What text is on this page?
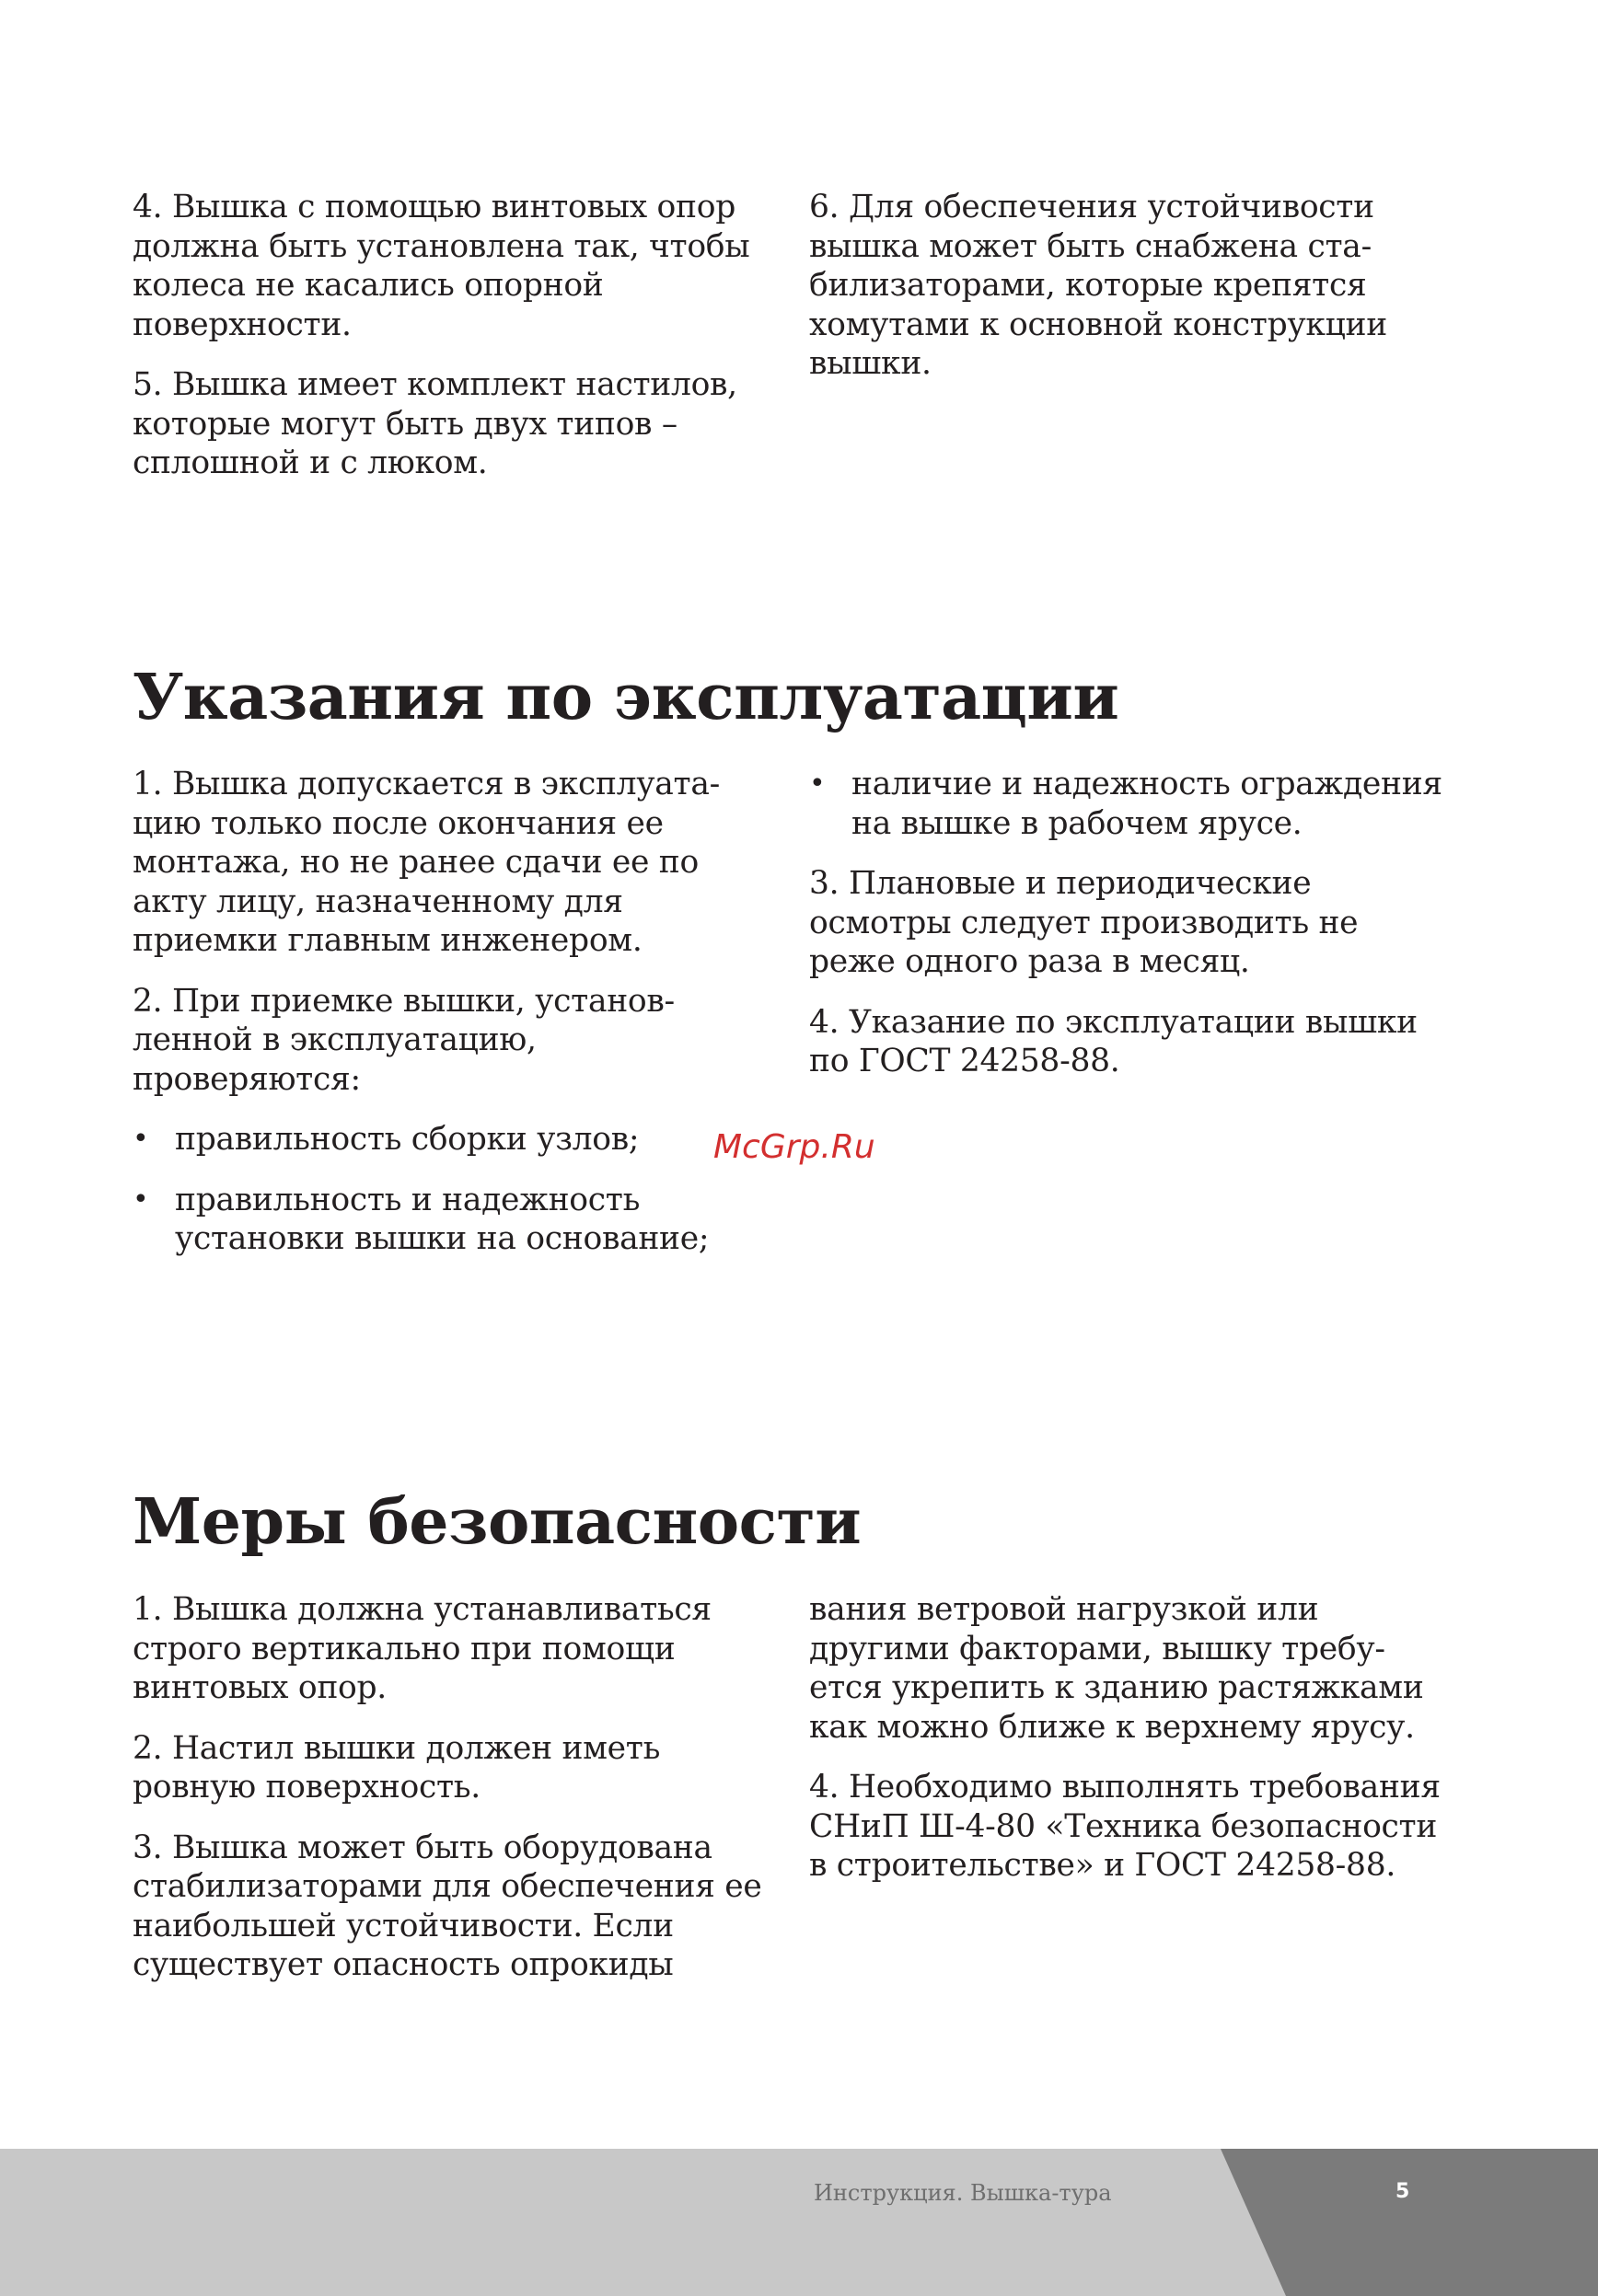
4. Вышка с помощью винтовых опор должна быть установлена так, чтобы колеса не касались опорной поверхности.

5. Вышка имеет комплект настилов, которые могут быть двух типов – сплошной и с люком.

6. Для обеспечения устойчивости вышка может быть снабжена стабилизаторами, которые крепятся хомутами к основной конструкции вышки.

Указания по эксплуатации

1. Вышка допускается в эксплуатацию только после окончания ее монтажа, но не ранее сдачи ее по акту лицу, назначенному для приемки главным инженером.

2. При приемке вышки, установленной в эксплуатацию, проверяются:

• правильность сборки узлов;
• правильность и надежность установки вышки на основание;
• наличие и надежность ограждения на вышке в рабочем ярусе.

3. Плановые и периодические осмотры следует производить не реже одного раза в месяц.

4. Указание по эксплуатации вышки по ГОСТ 24258-88.

McGrp.Ru
Меры безопасности

1. Вышка должна устанавливаться строго вертикально при помощи винтовых опор.

2. Настил вышки должен иметь ровную поверхность.

3. Вышка может быть оборудована стабилизаторами для обеспечения ее наибольшей устойчивости. Если существует опасность опрокиды

вания ветровой нагрузкой или другими факторами, вышку требуется укрепить к зданию растяжками как можно ближе к верхнему ярусу.

4. Необходимо выполнять требования СНиП Ш-4-80 «Техника безопасности в строительстве» и ГОСТ 24258-88.

Инструкция. Вышка-тура	5
